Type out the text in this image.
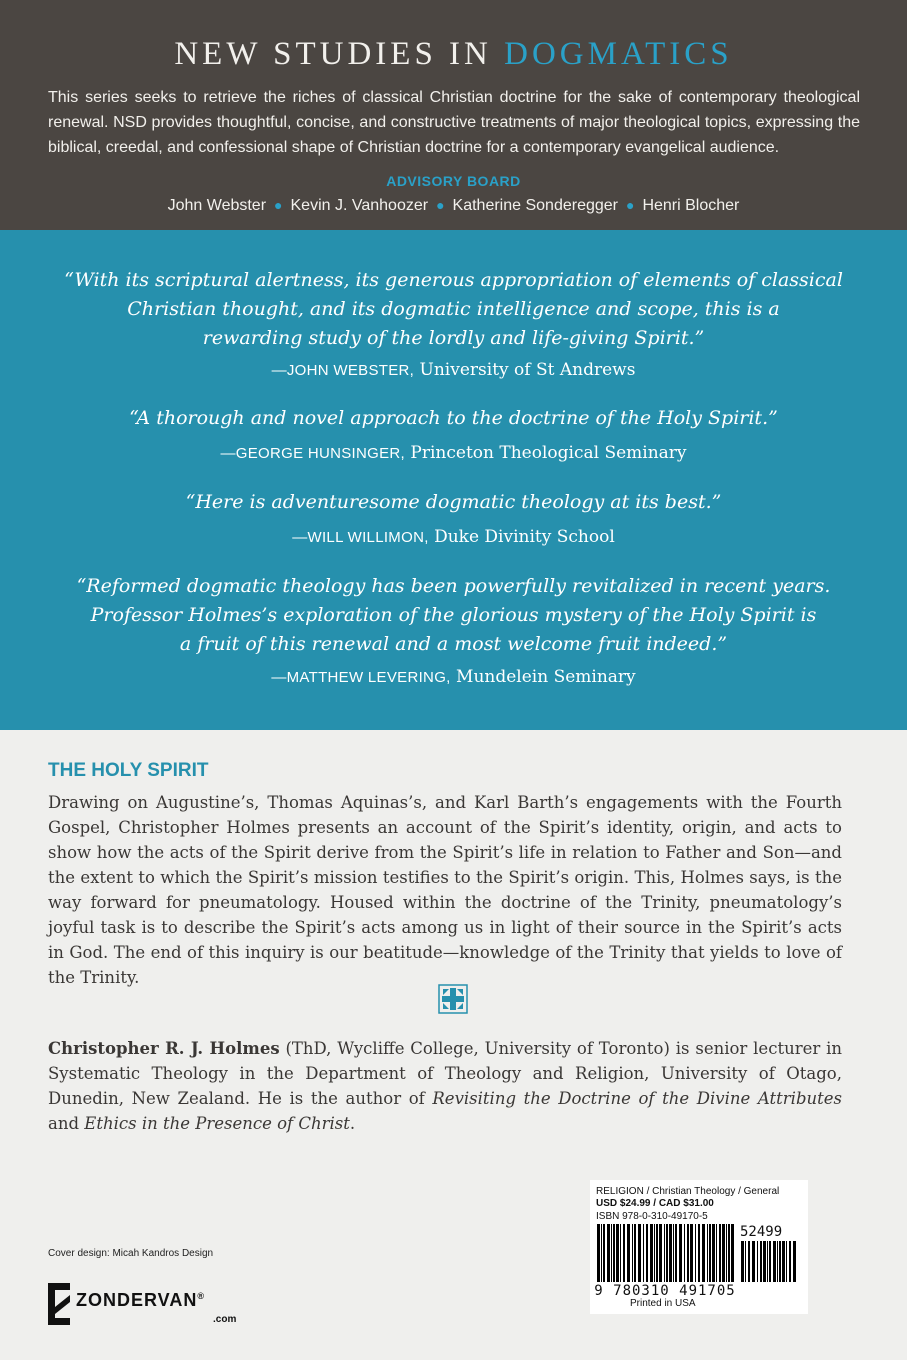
NEW STUDIES IN DOGMATICS
This series seeks to retrieve the riches of classical Christian doctrine for the sake of contemporary theological renewal. NSD provides thoughtful, concise, and constructive treatments of major theological topics, expressing the biblical, creedal, and confessional shape of Christian doctrine for a contemporary evangelical audience.
ADVISORY BOARD
John Webster ● Kevin J. Vanhoozer ● Katherine Sonderegger ● Henri Blocher
“With its scriptural alertness, its generous appropriation of elements of classical
Christian thought, and its dogmatic intelligence and scope, this is a
rewarding study of the lordly and life-giving Spirit.”
—JOHN WEBSTER, University of St Andrews
“A thorough and novel approach to the doctrine of the Holy Spirit.”
—GEORGE HUNSINGER, Princeton Theological Seminary
“Here is adventuresome dogmatic theology at its best.”
—WILL WILLIMON, Duke Divinity School
“Reformed dogmatic theology has been powerfully revitalized in recent years.
Professor Holmes’s exploration of the glorious mystery of the Holy Spirit is
a fruit of this renewal and a most welcome fruit indeed.”
—MATTHEW LEVERING, Mundelein Seminary
THE HOLY SPIRIT
Drawing on Augustine’s, Thomas Aquinas’s, and Karl Barth’s engagements with the Fourth Gospel, Christopher Holmes presents an account of the Spirit’s identity, origin, and acts to show how the acts of the Spirit derive from the Spirit’s life in relation to Father and Son—and the extent to which the Spirit’s mission testifies to the Spirit’s origin. This, Holmes says, is the way forward for pneumatology. Housed within the doctrine of the Trinity, pneumatology’s joyful task is to describe the Spirit’s acts among us in light of their source in the Spirit’s acts in God. The end of this inquiry is our beatitude—knowledge of the Trinity that yields to love of the Trinity.
Christopher R. J. Holmes (ThD, Wycliffe College, University of Toronto) is senior lecturer in Systematic Theology in the Department of Theology and Religion, University of Otago, Dunedin, New Zealand. He is the author of Revisiting the Doctrine of the Divine Attributes and Ethics in the Presence of Christ.
RELIGION / Christian Theology / General
USD $24.99 / CAD $31.00
ISBN 978-0-310-49170-5
52499
9 780310 491705
Printed in USA
Cover design: Micah Kandros Design
ZONDERVAN®
.com
